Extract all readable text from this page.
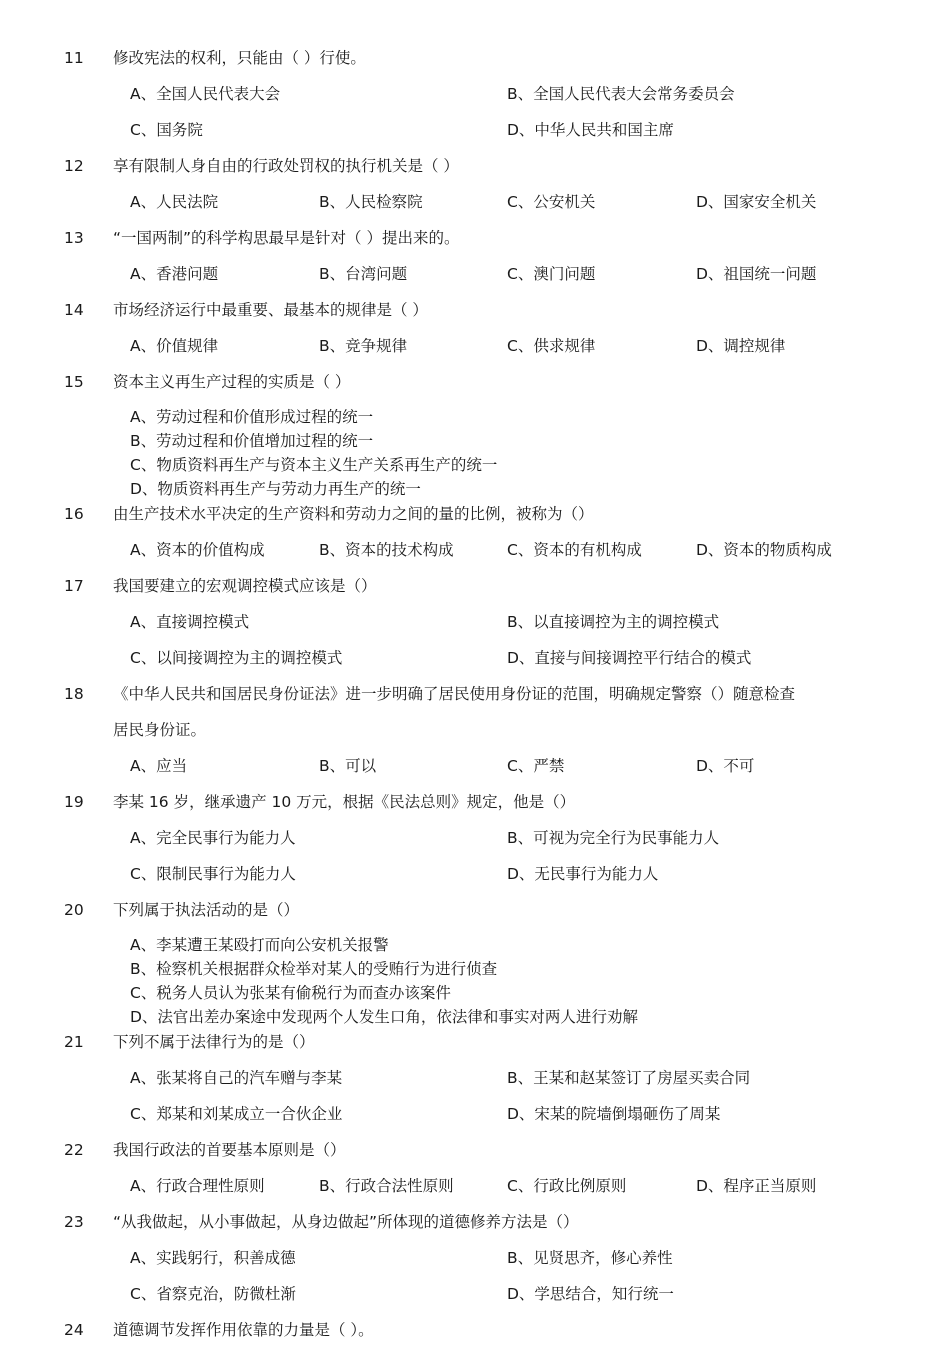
11	修改宪法的权利，只能由（ ）行使。
A、全国人民代表大会	B、全国人民代表大会常务委员会
C、国务院	D、中华人民共和国主席
12	享有限制人身自由的行政处罚权的执行机关是（ ）
A、人民法院	B、人民检察院	C、公安机关	D、国家安全机关
13	“一国两制”的科学构思最早是针对（ ）提出来的。
A、香港问题	B、台湾问题	C、澳门问题	D、祖国统一问题
14	市场经济运行中最重要、最基本的规律是（ ）
A、价值规律	B、竞争规律	C、供求规律	D、调控规律
15	资本主义再生产过程的实质是（ ）
A、劳动过程和价值形成过程的统一
B、劳动过程和价值增加过程的统一
C、物质资料再生产与资本主义生产关系再生产的统一
D、物质资料再生产与劳动力再生产的统一
16	由生产技术水平决定的生产资料和劳动力之间的量的比例，被称为（）
A、资本的价值构成	B、资本的技术构成	C、资本的有机构成	D、资本的物质构成
17	我国要建立的宏观调控模式应该是（）
A、直接调控模式	B、以直接调控为主的调控模式
C、以间接调控为主的调控模式	D、直接与间接调控平行结合的模式
18	《中华人民共和国居民身份证法》进一步明确了居民使用身份证的范围，明确规定警察（）随意检查
居民身份证。
A、应当	B、可以	C、严禁	D、不可
19	李某 16 岁，继承遗产 10 万元，根据《民法总则》规定，他是（）
A、完全民事行为能力人	B、可视为完全行为民事能力人
C、限制民事行为能力人	D、无民事行为能力人
20	下列属于执法活动的是（）
A、李某遭王某殴打而向公安机关报警
B、检察机关根据群众检举对某人的受贿行为进行侦查
C、税务人员认为张某有偷税行为而查办该案件
D、法官出差办案途中发现两个人发生口角，依法律和事实对两人进行劝解
21	下列不属于法律行为的是（）
A、张某将自己的汽车赠与李某	B、王某和赵某签订了房屋买卖合同
C、郑某和刘某成立一合伙企业	D、宋某的院墙倒塌砸伤了周某
22	我国行政法的首要基本原则是（）
A、行政合理性原则	B、行政合法性原则	C、行政比例原则	D、程序正当原则
23	“从我做起，从小事做起，从身边做起”所体现的道德修养方法是（）
A、实践躬行，积善成德	B、见贤思齐，修心养性
C、省察克治，防微杜渐	D、学思结合，知行统一
24	道德调节发挥作用依靠的力量是（ ）。
